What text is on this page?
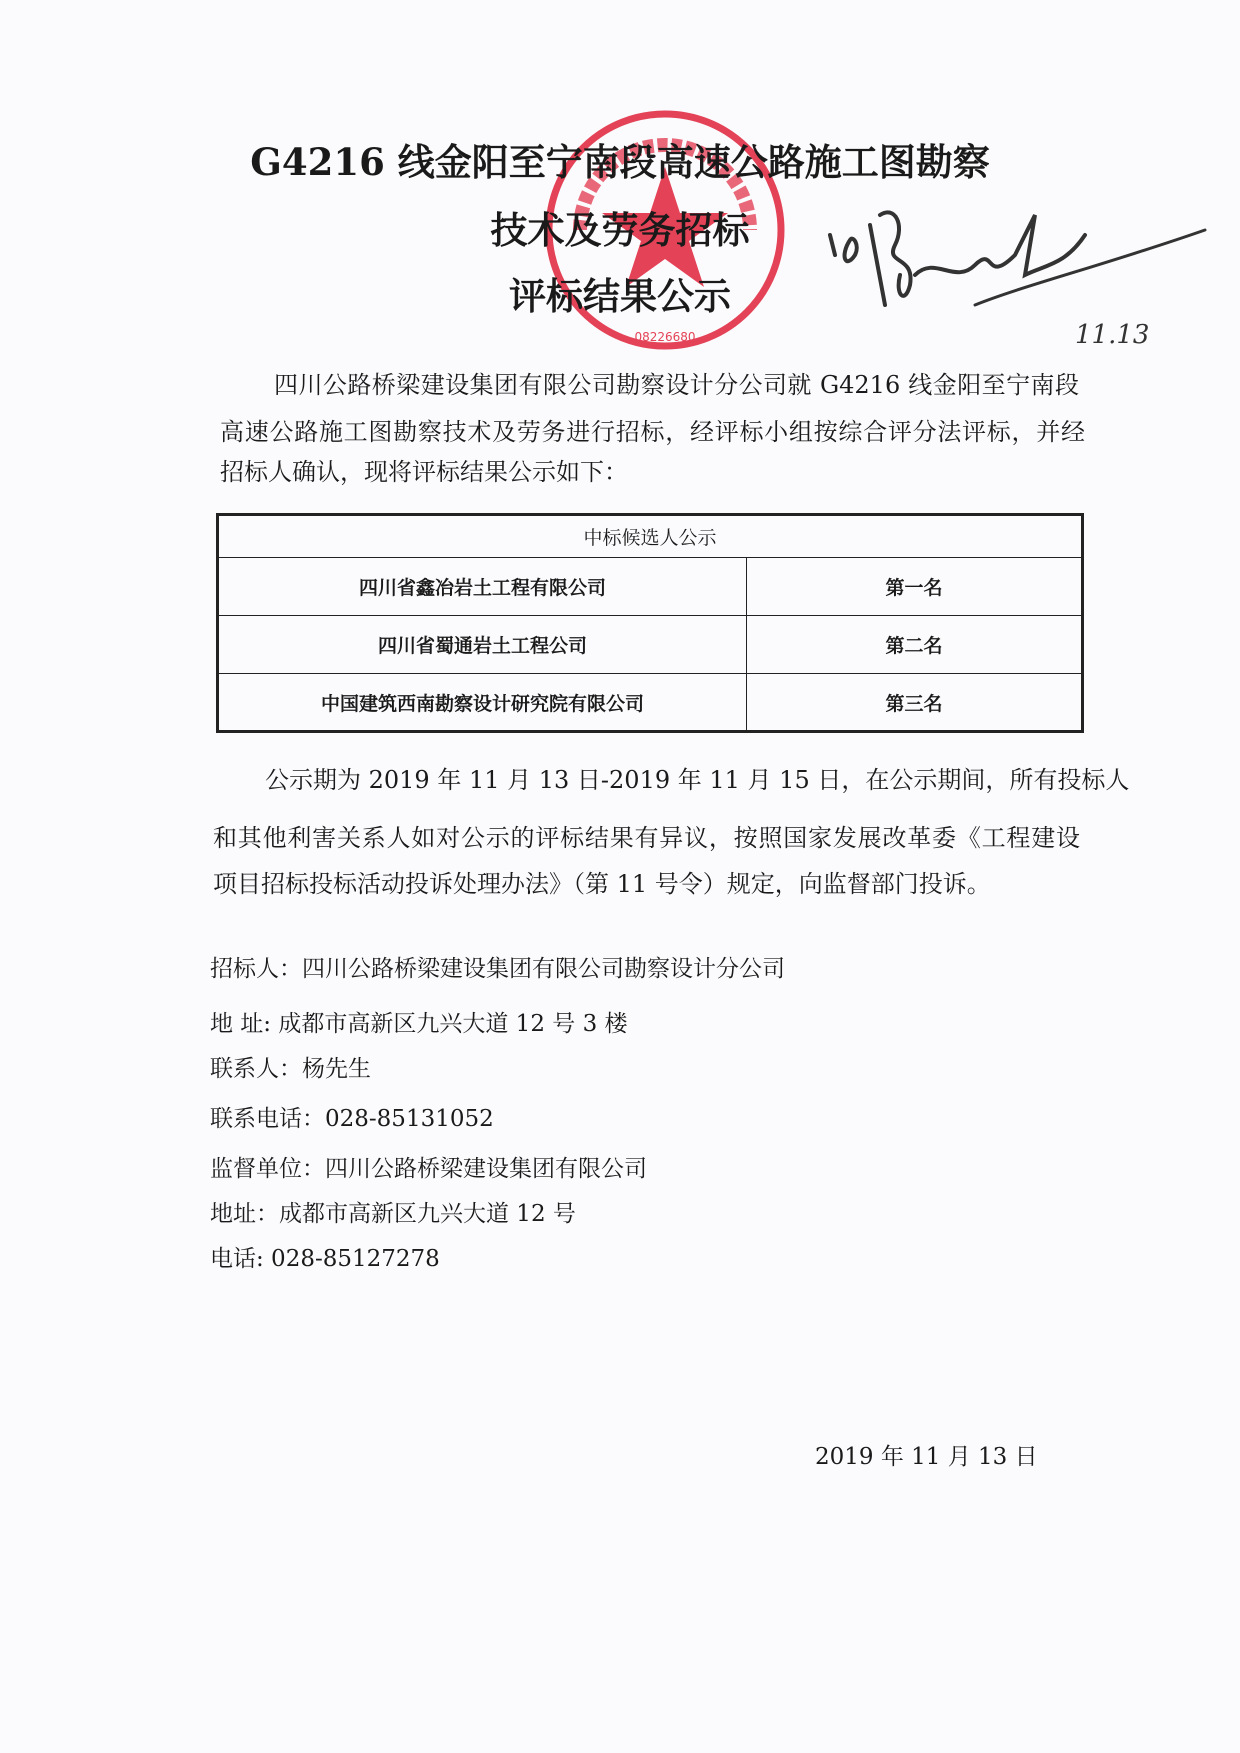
08226680	11.13
G4216 线金阳至宁南段高速公路施工图勘察
技术及劳务招标
评标结果公示
四川公路桥梁建设集团有限公司勘察设计分公司就 G4216 线金阳至宁南段
高速公路施工图勘察技术及劳务进行招标，经评标小组按综合评分法评标，并经
招标人确认，现将评标结果公示如下：
中标候选人公示	
四川省鑫冶岩土工程有限公司	第一名
四川省蜀通岩土工程公司	第二名
中国建筑西南勘察设计研究院有限公司	第三名
公示期为 2019 年 11 月 13 日-2019 年 11 月 15 日，在公示期间，所有投标人
和其他利害关系人如对公示的评标结果有异议，按照国家发展改革委《工程建设
项目招标投标活动投诉处理办法》（第 11 号令）规定，向监督部门投诉。
招标人：四川公路桥梁建设集团有限公司勘察设计分公司
地 址: 成都市高新区九兴大道 12 号 3 楼
联系人：杨先生
联系电话：028-85131052
监督单位：四川公路桥梁建设集团有限公司
地址：成都市高新区九兴大道 12 号
电话: 028-85127278
2019 年 11 月 13 日
